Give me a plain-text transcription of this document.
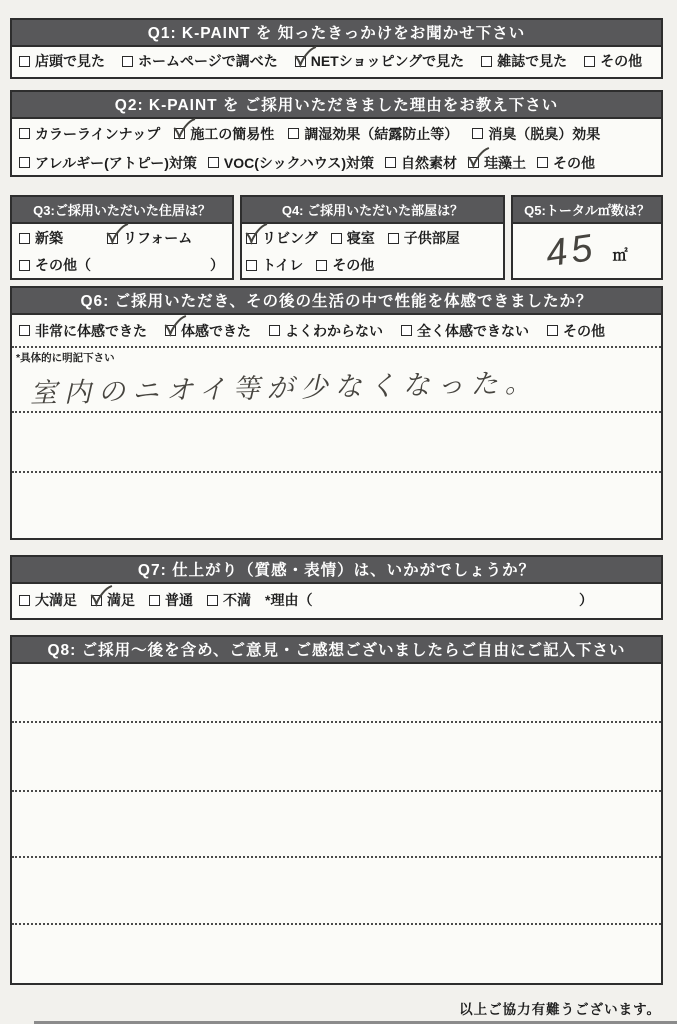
Q1: K-PAINT を 知ったきっかけをお聞かせ下さい
店頭で見た ホームページで調べた NETショッピングで見た 雑誌で見た その他
Q2: K-PAINT を ご採用いただきました理由をお教え下さい
カラーラインナップ 施工の簡易性 調湿効果（結露防止等） 消臭（脱臭）効果
アレルギー(アトピー)対策 VOC(シックハウス)対策 自然素材 珪藻土 その他
Q3:ご採用いただいた住居は？
新築	リフォーム
その他（	）
Q4: ご採用いただいた部屋は？
リビング 寝室 子供部屋
トイレ その他
Q5:トータル㎡数は？
45 ㎡
Q6: ご採用いただき、その後の生活の中で性能を体感できましたか？
非常に体感できた 体感できた よくわからない 全く体感できない その他
*具体的に明記下さい
室内のニオイ等が少なくなった。
Q7: 仕上がり（質感・表情）は、いかがでしょうか？
大満足 満足 普通 不満 *理由（	）
Q8: ご採用〜後を含め、ご意見・ご感想ございましたらご自由にご記入下さい
以上ご協力有難うございます。
